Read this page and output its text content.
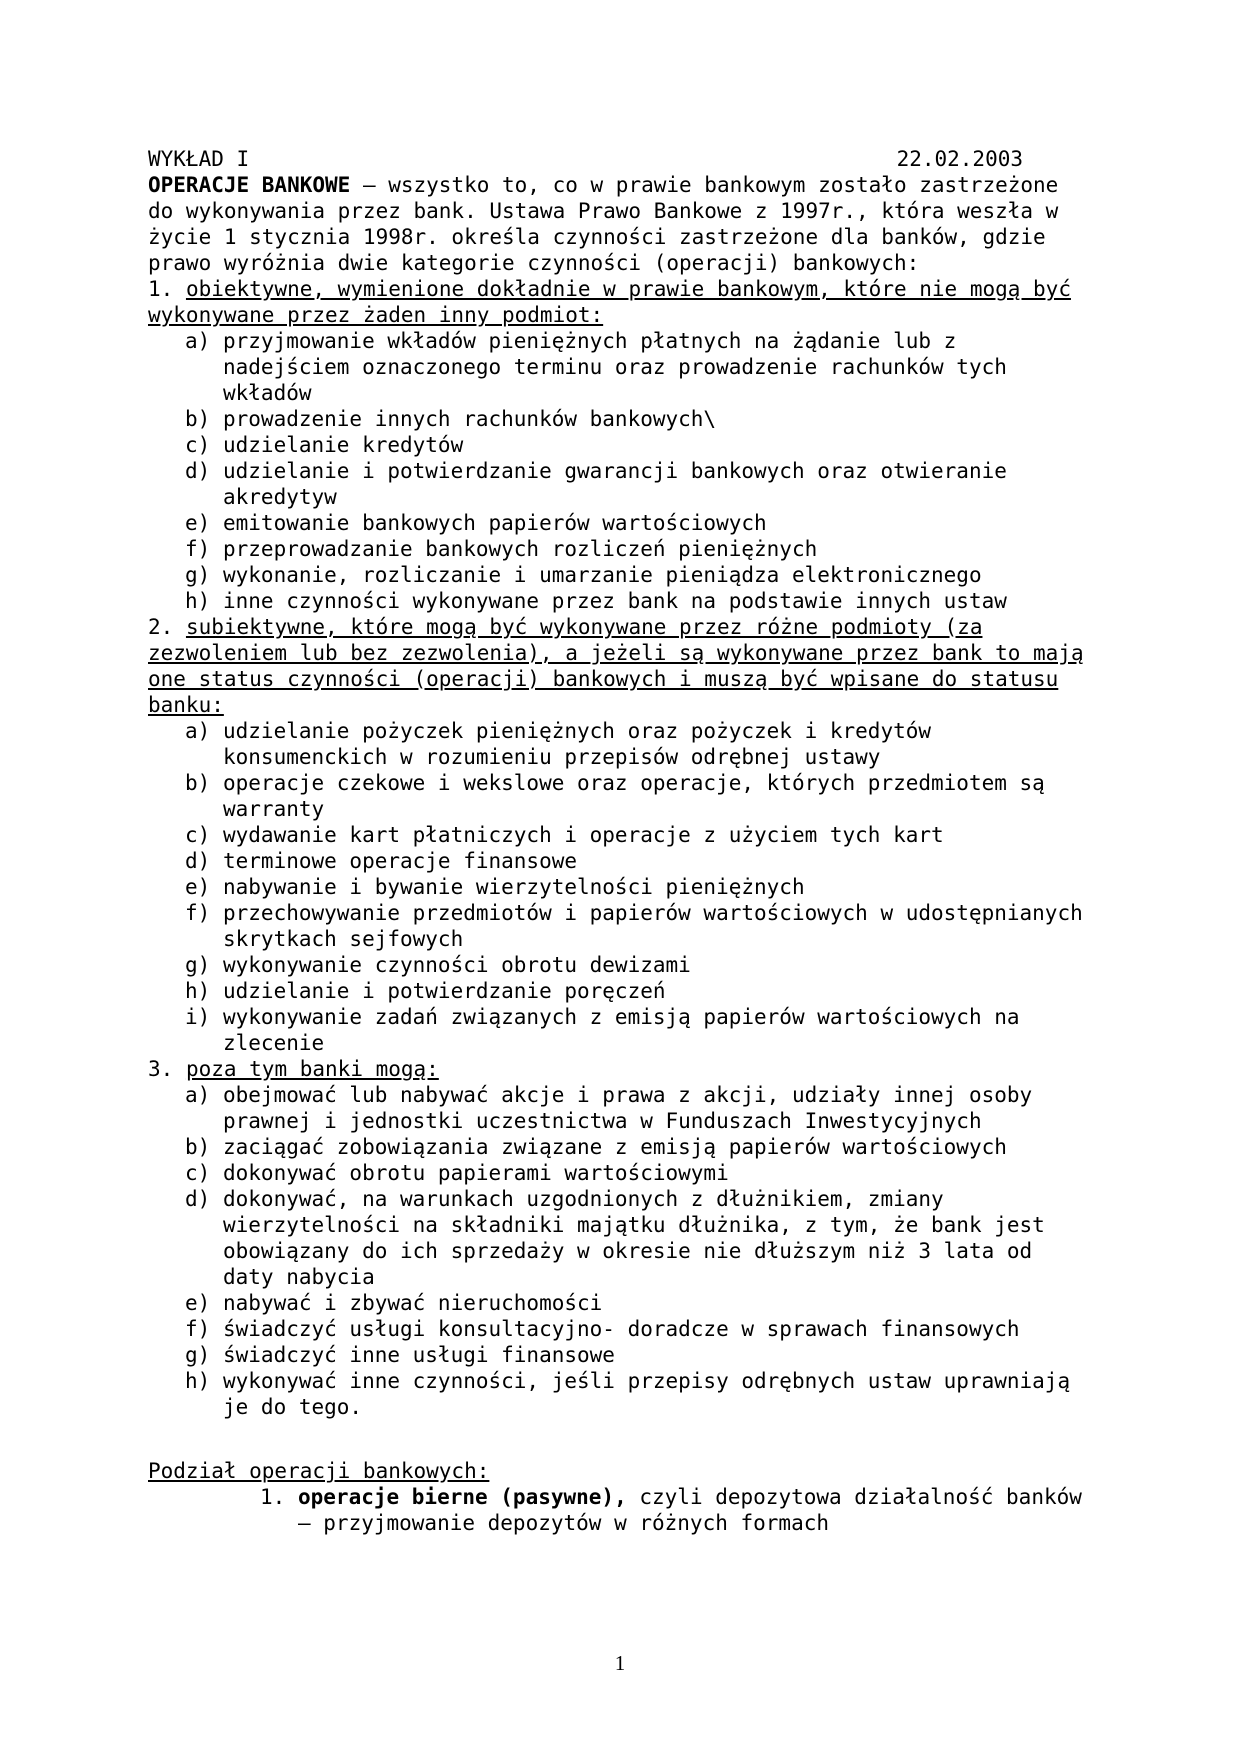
WYKŁAD I	22.02.2003
OPERACJE BANKOWE – wszystko to, co w prawie bankowym zostało zastrzeżone do wykonywania przez bank. Ustawa Prawo Bankowe z 1997r., która weszła w życie 1 stycznia 1998r. określa czynności zastrzeżone dla banków, gdzie prawo wyróżnia dwie kategorie czynności (operacji) bankowych:
1. obiektywne, wymienione dokładnie w prawie bankowym, które nie mogą być wykonywane przez żaden inny podmiot:
a) przyjmowanie wkładów pieniężnych płatnych na żądanie lub z nadejściem oznaczonego terminu oraz prowadzenie rachunków tych wkładów
b) prowadzenie innych rachunków bankowych\
c) udzielanie kredytów
d) udzielanie i potwierdzanie gwarancji bankowych oraz otwieranie akredytyw
e) emitowanie bankowych papierów wartościowych
f) przeprowadzanie bankowych rozliczeń pieniężnych
g) wykonanie, rozliczanie i umarzanie pieniądza elektronicznego
h) inne czynności wykonywane przez bank na podstawie innych ustaw
2. subiektywne, które mogą być wykonywane przez różne podmioty (za zezwoleniem lub bez zezwolenia), a jeżeli są wykonywane przez bank to mają one status czynności (operacji) bankowych i muszą być wpisane do statusu banku:
a) udzielanie pożyczek pieniężnych oraz pożyczek i kredytów konsumenckich w rozumieniu przepisów odrębnej ustawy
b) operacje czekowe i wekslowe oraz operacje, których przedmiotem są warranty
c) wydawanie kart płatniczych i operacje z użyciem tych kart
d) terminowe operacje finansowe
e) nabywanie i bywanie wierzytelności pieniężnych
f) przechowywanie przedmiotów i papierów wartościowych w udostępnianych skrytkach sejfowych
g) wykonywanie czynności obrotu dewizami
h) udzielanie i potwierdzanie poręczeń
i) wykonywanie zadań związanych z emisją papierów wartościowych na zlecenie
3. poza tym banki mogą:
a) obejmować lub nabywać akcje i prawa z akcji, udziały innej osoby prawnej i jednostki uczestnictwa w Funduszach Inwestycyjnych
b) zaciągać zobowiązania związane z emisją papierów wartościowych
c) dokonywać obrotu papierami wartościowymi
d) dokonywać, na warunkach uzgodnionych z dłużnikiem, zmiany wierzytelności na składniki majątku dłużnika, z tym, że bank jest obowiązany do ich sprzedaży w okresie nie dłuższym niż 3 lata od daty nabycia
e) nabywać i zbywać nieruchomości
f) świadczyć usługi konsultacyjno- doradcze w sprawach finansowych
g) świadczyć inne usługi finansowe
h) wykonywać inne czynności, jeśli przepisy odrębnych ustaw uprawniają je do tego.
Podział operacji bankowych:
1. operacje bierne (pasywne), czyli depozytowa działalność banków – przyjmowanie depozytów w różnych formach
1
